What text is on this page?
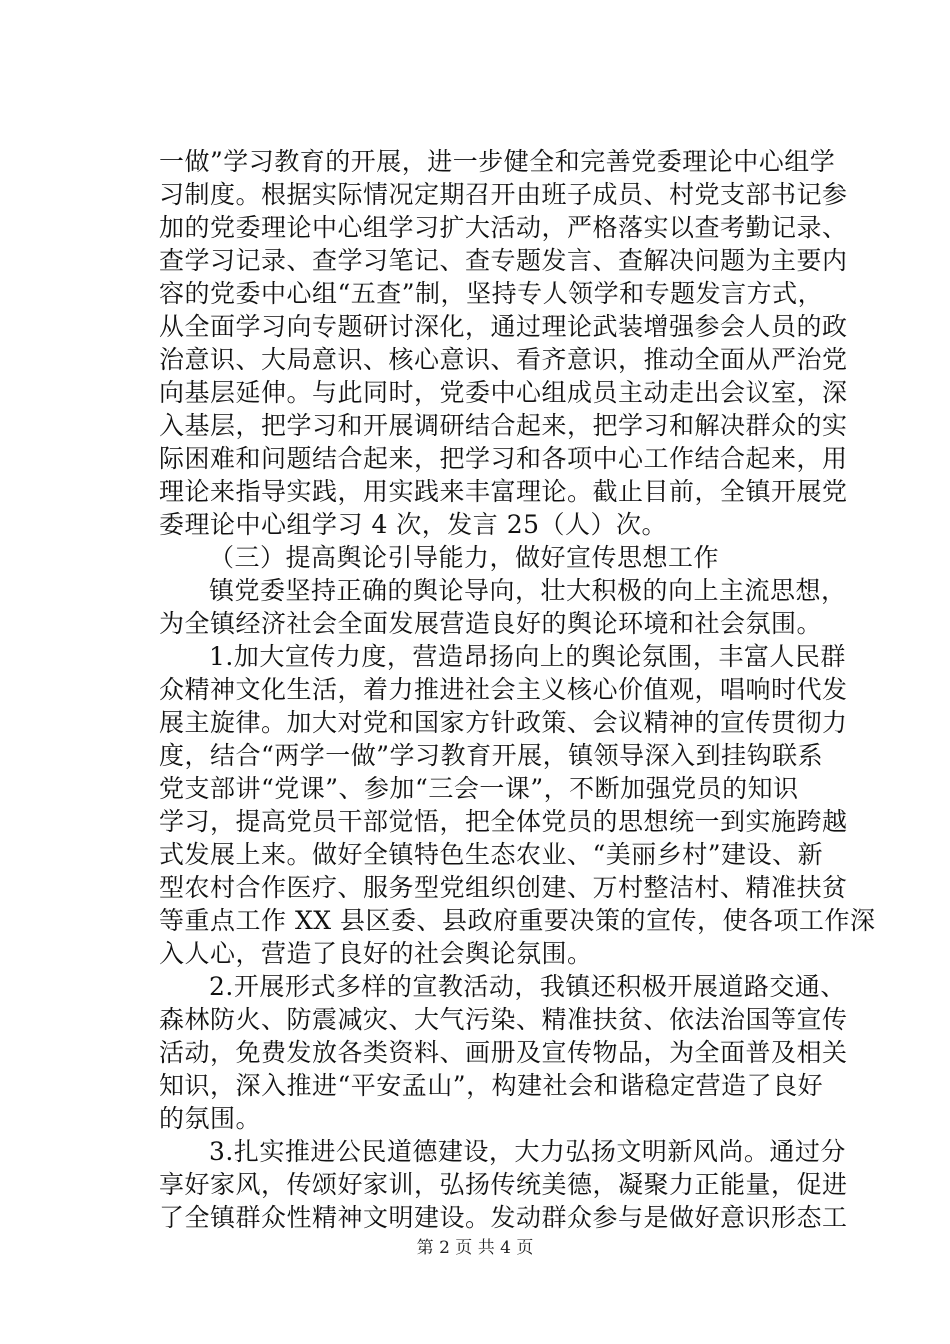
一做”学习教育的开展，进一步健全和完善党委理论中心组学
习制度。根据实际情况定期召开由班子成员、村党支部书记参
加的党委理论中心组学习扩大活动，严格落实以查考勤记录、
查学习记录、查学习笔记、查专题发言、查解决问题为主要内
容的党委中心组“五查”制，坚持专人领学和专题发言方式，
从全面学习向专题研讨深化，通过理论武装增强参会人员的政
治意识、大局意识、核心意识、看齐意识，推动全面从严治党
向基层延伸。与此同时，党委中心组成员主动走出会议室，深
入基层，把学习和开展调研结合起来，把学习和解决群众的实
际困难和问题结合起来，把学习和各项中心工作结合起来，用
理论来指导实践，用实践来丰富理论。截止目前，全镇开展党
委理论中心组学习 4 次，发言 25（人）次。
（三）提高舆论引导能力，做好宣传思想工作
镇党委坚持正确的舆论导向，壮大积极的向上主流思想，
为全镇经济社会全面发展营造良好的舆论环境和社会氛围。
1.加大宣传力度，营造昂扬向上的舆论氛围，丰富人民群
众精神文化生活，着力推进社会主义核心价值观，唱响时代发
展主旋律。加大对党和国家方针政策、会议精神的宣传贯彻力
度，结合“两学一做”学习教育开展，镇领导深入到挂钩联系
党支部讲“党课”、参加“三会一课”，不断加强党员的知识
学习，提高党员干部觉悟，把全体党员的思想统一到实施跨越
式发展上来。做好全镇特色生态农业、“美丽乡村”建设、新
型农村合作医疗、服务型党组织创建、万村整洁村、精准扶贫
等重点工作 XX 县区委、县政府重要决策的宣传，使各项工作深
入人心，营造了良好的社会舆论氛围。
2.开展形式多样的宣教活动，我镇还积极开展道路交通、
森林防火、防震减灾、大气污染、精准扶贫、依法治国等宣传
活动，免费发放各类资料、画册及宣传物品，为全面普及相关
知识，深入推进“平安孟山”，构建社会和谐稳定营造了良好
的氛围。
3.扎实推进公民道德建设，大力弘扬文明新风尚。通过分
享好家风，传颂好家训，弘扬传统美德，凝聚力正能量，促进
了全镇群众性精神文明建设。发动群众参与是做好意识形态工
第 2 页 共 4 页
